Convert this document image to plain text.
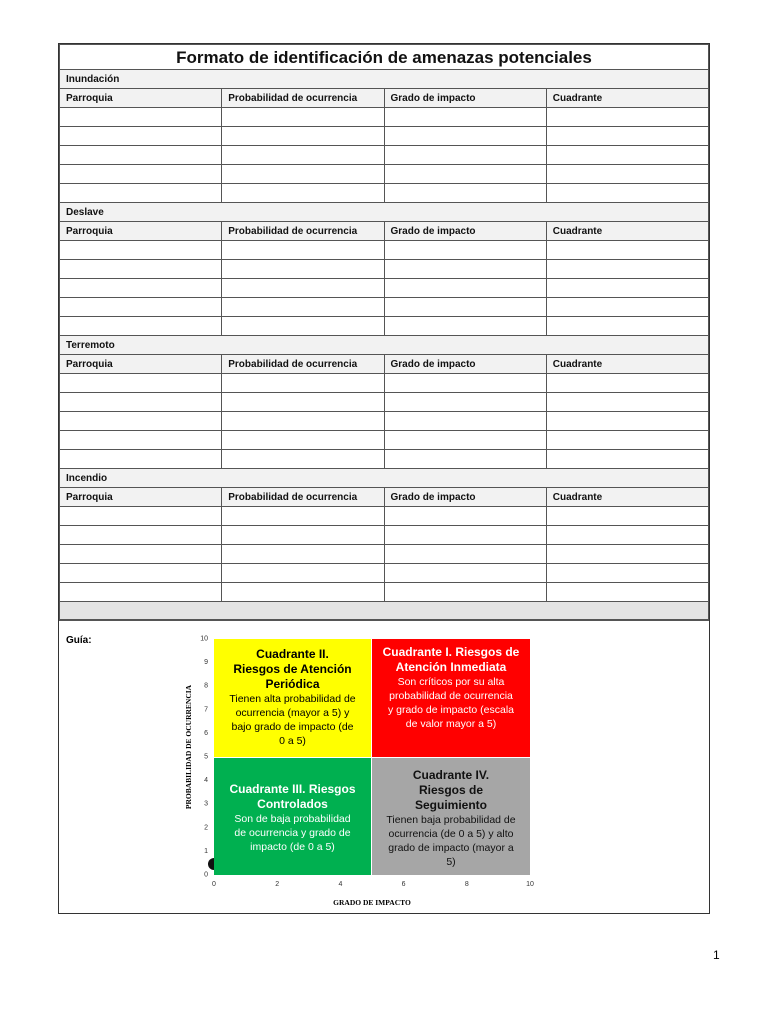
Formato de identificación de amenazas potenciales			
Inundación			
Parroquia	Probabilidad de ocurrencia	Grado de impacto	Cuadrante

Deslave			
Parroquia	Probabilidad de ocurrencia	Grado de impacto	Cuadrante

Terremoto			
Parroquia	Probabilidad de ocurrencia	Grado de impacto	Cuadrante

Incendio			
Parroquia	Probabilidad de ocurrencia	Grado de impacto	Cuadrante

Guía:
0
1
2
3
4
5
6
7
8
9
10
0	2	4	6	8	10
GRADO DE IMPACTO
PROBABILIDAD DE OCURRENCIA
Cuadrante II.
Riesgos de Atención Periódica
Tienen alta probabilidad de ocurrencia (mayor a 5) y bajo grado de impacto (de 0 a 5)
Cuadrante I. Riesgos de Atención Inmediata
Son críticos por su alta probabilidad de ocurrencia y grado de impacto (escala de valor mayor a 5)
Cuadrante III. Riesgos Controlados
Son de baja probabilidad de ocurrencia y grado de impacto (de 0 a 5)
Cuadrante IV. Riesgos de Seguimiento
Tienen baja probabilidad de ocurrencia (de 0 a 5) y alto grado de impacto (mayor a 5)
1
